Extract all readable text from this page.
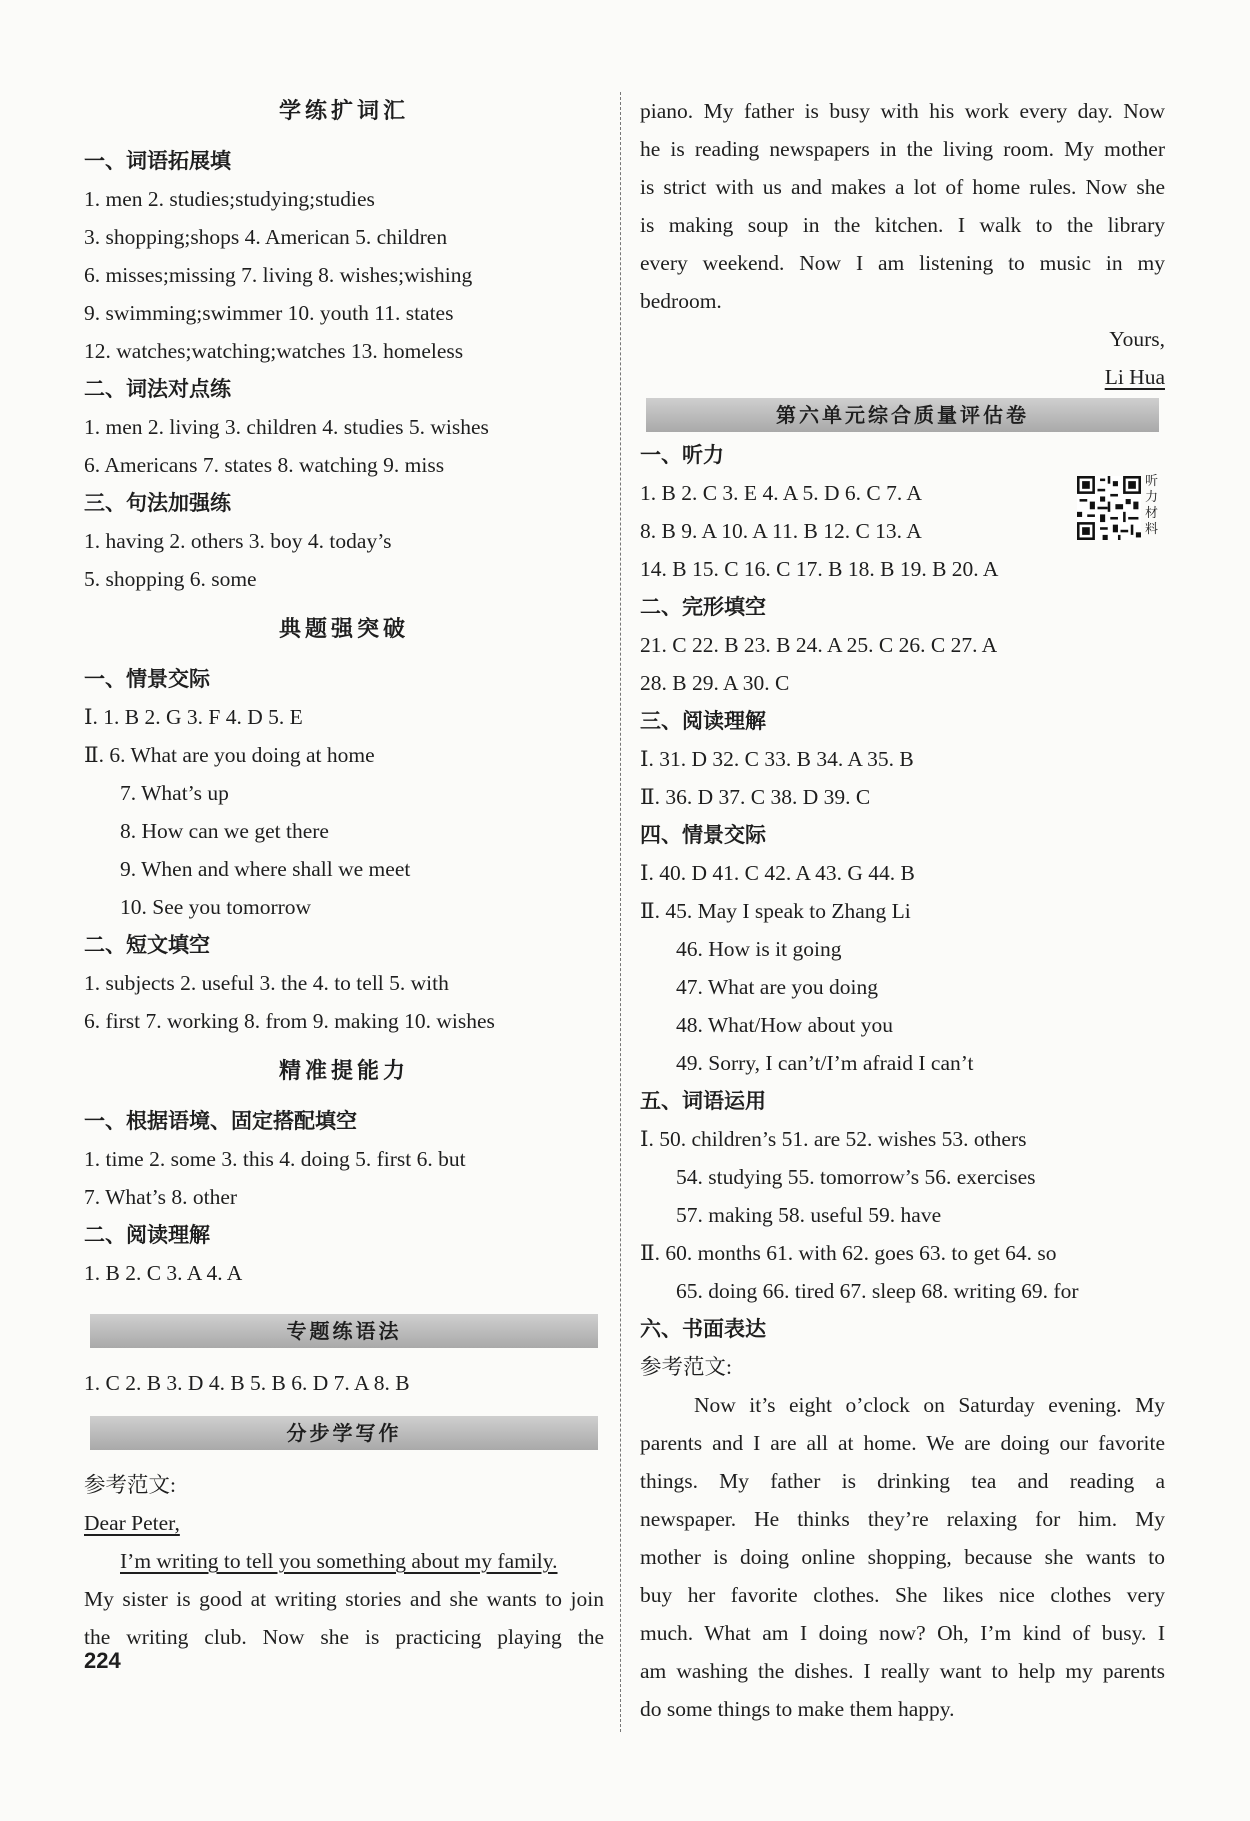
学练扩词汇
一、词语拓展填
1. men 2. studies;studying;studies
3. shopping;shops 4. American 5. children
6. misses;missing 7. living 8. wishes;wishing
9. swimming;swimmer 10. youth 11. states
12. watches;watching;watches 13. homeless
二、词法对点练
1. men 2. living 3. children 4. studies 5. wishes
6. Americans 7. states 8. watching 9. miss
三、句法加强练
1. having 2. others 3. boy 4. today’s
5. shopping 6. some
典题强突破
一、情景交际
Ⅰ. 1. B 2. G 3. F 4. D 5. E
Ⅱ. 6. What are you doing at home
7. What’s up
8. How can we get there
9. When and where shall we meet
10. See you tomorrow
二、短文填空
1. subjects 2. useful 3. the 4. to tell 5. with
6. first 7. working 8. from 9. making 10. wishes
精准提能力
一、根据语境、固定搭配填空
1. time 2. some 3. this 4. doing 5. first 6. but
7. What’s 8. other
二、阅读理解
1. B 2. C 3. A 4. A
专题练语法
1. C 2. B 3. D 4. B 5. B 6. D 7. A 8. B
分步学写作
参考范文:
Dear Peter,
I’m writing to tell you something about my family.
My sister is good at writing stories and she wants to join
the writing club. Now she is practicing playing the
piano. My father is busy with his work every day. Now
he is reading newspapers in the living room. My mother
is strict with us and makes a lot of home rules. Now she
is making soup in the kitchen. I walk to the library
every weekend. Now I am listening to music in my
bedroom.
Yours,
Li Hua
第六单元综合质量评估卷
一、听力
1. B 2. C 3. E 4. A 5. D 6. C 7. A
8. B 9. A 10. A 11. B 12. C 13. A
14. B 15. C 16. C 17. B 18. B 19. B 20. A
二、完形填空
21. C 22. B 23. B 24. A 25. C 26. C 27. A
28. B 29. A 30. C
三、阅读理解
Ⅰ. 31. D 32. C 33. B 34. A 35. B
Ⅱ. 36. D 37. C 38. D 39. C
四、情景交际
Ⅰ. 40. D 41. C 42. A 43. G 44. B
Ⅱ. 45. May I speak to Zhang Li
46. How is it going
47. What are you doing
48. What/How about you
49. Sorry, I can’t/I’m afraid I can’t
五、词语运用
Ⅰ. 50. children’s 51. are 52. wishes 53. others
54. studying 55. tomorrow’s 56. exercises
57. making 58. useful 59. have
Ⅱ. 60. months 61. with 62. goes 63. to get 64. so
65. doing 66. tired 67. sleep 68. writing 69. for
六、书面表达
参考范文:
Now it’s eight o’clock on Saturday evening. My
parents and I are all at home. We are doing our favorite
things. My father is drinking tea and reading a
newspaper. He thinks they’re relaxing for him. My
mother is doing online shopping, because she wants to
buy her favorite clothes. She likes nice clothes very
much. What am I doing now? Oh, I’m kind of busy. I
am washing the dishes. I really want to help my parents
do some things to make them happy.
听力材料
224
